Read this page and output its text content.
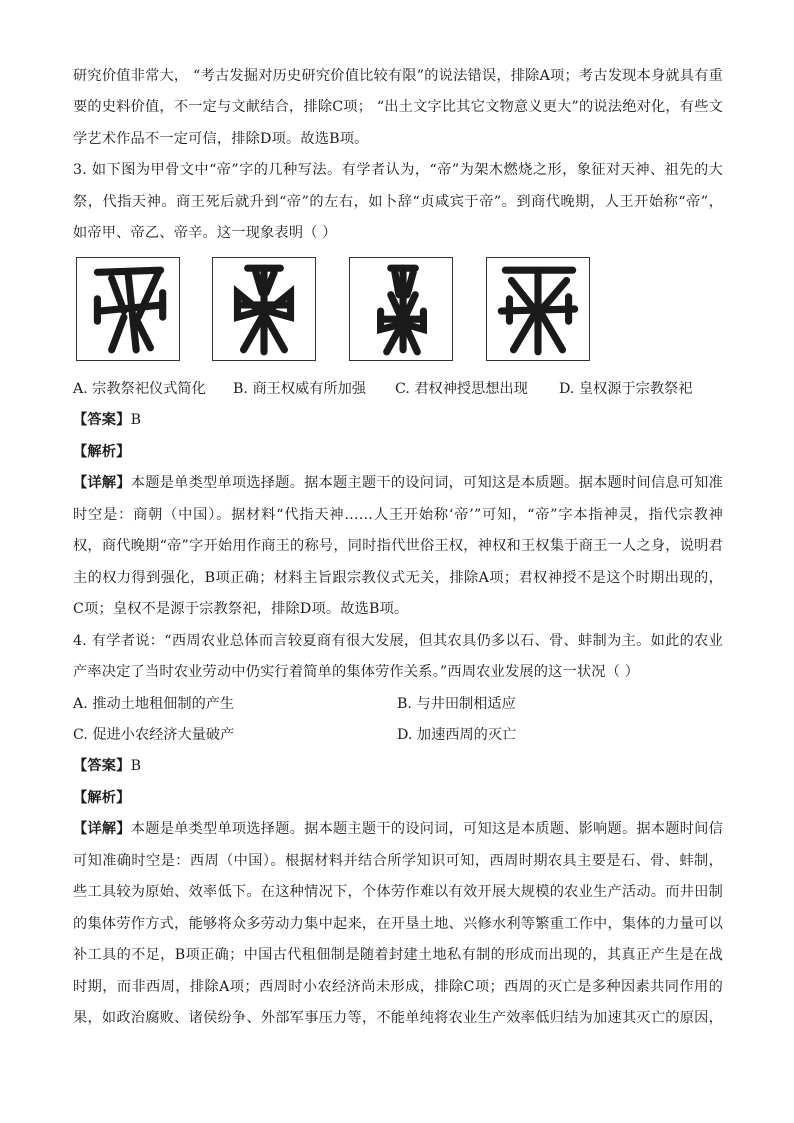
研究价值非常大， “考古发掘对历史研究价值比较有限”的说法错误，排除A项；考古发现本身就具有重
要的史料价值，不一定与文献结合，排除C项； “出土文字比其它文物意义更大”的说法绝对化，有些文
学艺术作品不一定可信，排除D项。故选B项。
3. 如下图为甲骨文中“帝”字的几种写法。有学者认为，“帝”为架木燃烧之形，象征对天神、祖先的大
祭，代指天神。商王死后就升到“帝”的左右，如卜辞“贞咸宾于帝”。到商代晚期，人王开始称“帝”，
如帝甲、帝乙、帝辛。这一现象表明（ ）
A. 宗教祭祀仪式简化 B. 商王权威有所加强 C. 君权神授思想出现 D. 皇权源于宗教祭祀
【答案】B
【解析】
【详解】本题是单类型单项选择题。据本题主题干的设问词，可知这是本质题。据本题时间信息可知准
时空是：商朝（中国）。据材料“代指天神……人王开始称‘帝’”可知，“帝”字本指神灵，指代宗教神
权，商代晚期“帝”字开始用作商王的称号，同时指代世俗王权，神权和王权集于商王一人之身，说明君
主的权力得到强化，B项正确；材料主旨跟宗教仪式无关，排除A项；君权神授不是这个时期出现的，
C项；皇权不是源于宗教祭祀，排除D项。故选B项。
4. 有学者说：“西周农业总体而言较夏商有很大发展，但其农具仍多以石、骨、蚌制为主。如此的农业
产率决定了当时农业劳动中仍实行着简单的集体劳作关系。”西周农业发展的这一状况（ ）
A. 推动土地租佃制的产生	B. 与井田制相适应
C. 促进小农经济大量破产	D. 加速西周的灭亡
【答案】B
【解析】
【详解】本题是单类型单项选择题。据本题主题干的设问词，可知这是本质题、影响题。据本题时间信
可知准确时空是：西周（中国）。根据材料并结合所学知识可知，西周时期农具主要是石、骨、蚌制，
些工具较为原始、效率低下。在这种情况下，个体劳作难以有效开展大规模的农业生产活动。而井田制
的集体劳作方式，能够将众多劳动力集中起来，在开垦土地、兴修水利等繁重工作中，集体的力量可以
补工具的不足，B项正确；中国古代租佃制是随着封建土地私有制的形成而出现的，其真正产生是在战
时期，而非西周，排除A项；西周时小农经济尚未形成，排除C项；西周的灭亡是多种因素共同作用的
果，如政治腐败、诸侯纷争、外部军事压力等，不能单纯将农业生产效率低归结为加速其灭亡的原因，
